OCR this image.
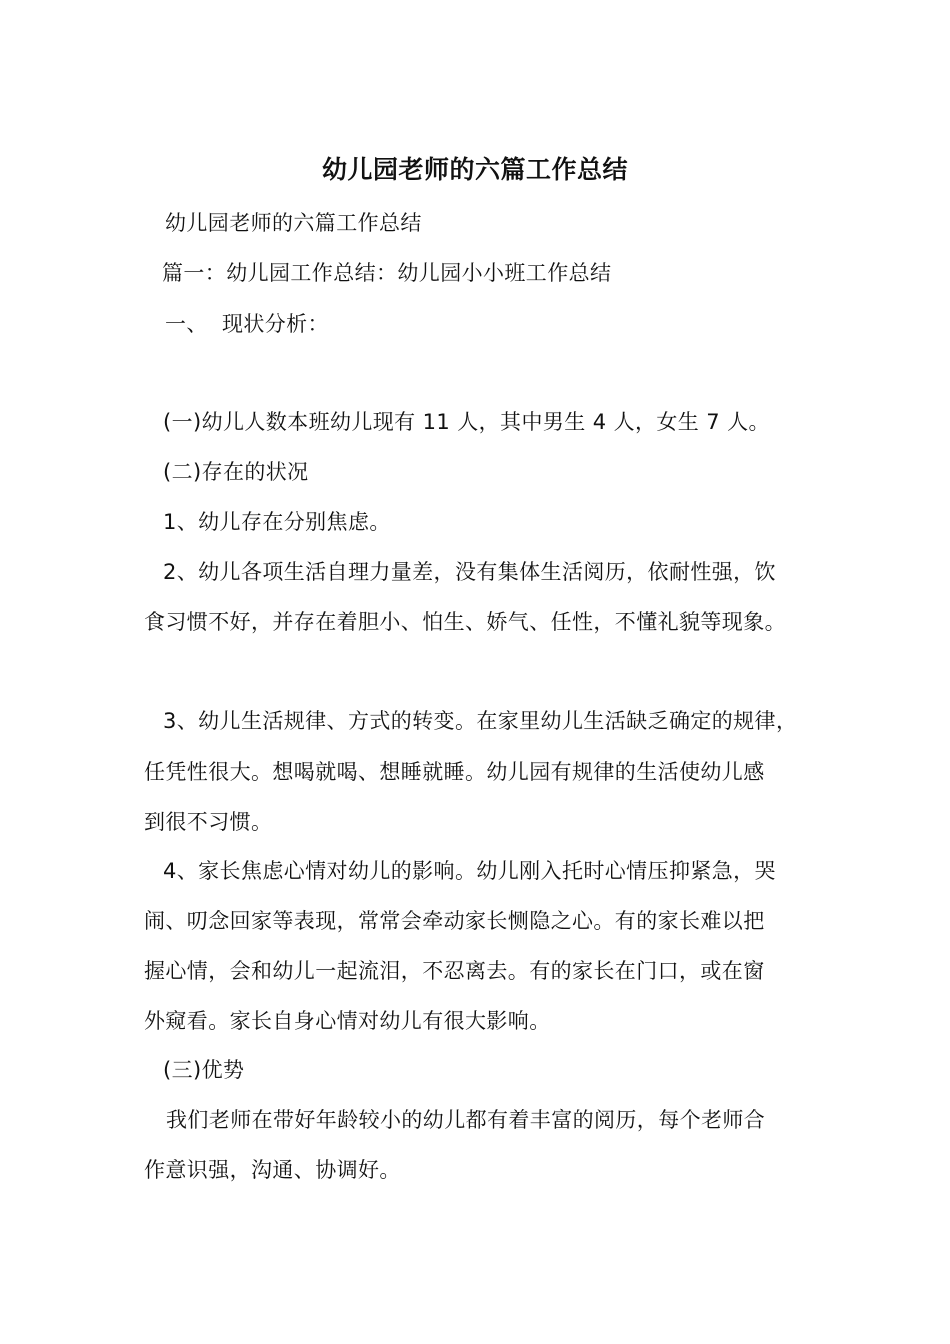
幼儿园老师的六篇工作总结
幼儿园老师的六篇工作总结
篇一：幼儿园工作总结：幼儿园小小班工作总结
一、  现状分析：
(一)幼儿人数本班幼儿现有 11 人，其中男生 4 人，女生 7 人。
(二)存在的状况
1、幼儿存在分别焦虑。
2、幼儿各项生活自理力量差，没有集体生活阅历，依耐性强，饮
食习惯不好，并存在着胆小、怕生、娇气、任性，不懂礼貌等现象。
3、幼儿生活规律、方式的转变。在家里幼儿生活缺乏确定的规律，
任凭性很大。想喝就喝、想睡就睡。幼儿园有规律的生活使幼儿感
到很不习惯。
4、家长焦虑心情对幼儿的影响。幼儿刚入托时心情压抑紧急，哭
闹、叨念回家等表现，常常会牵动家长恻隐之心。有的家长难以把
握心情，会和幼儿一起流泪，不忍离去。有的家长在门口，或在窗
外窥看。家长自身心情对幼儿有很大影响。
(三)优势
我们老师在带好年龄较小的幼儿都有着丰富的阅历，每个老师合
作意识强，沟通、协调好。
